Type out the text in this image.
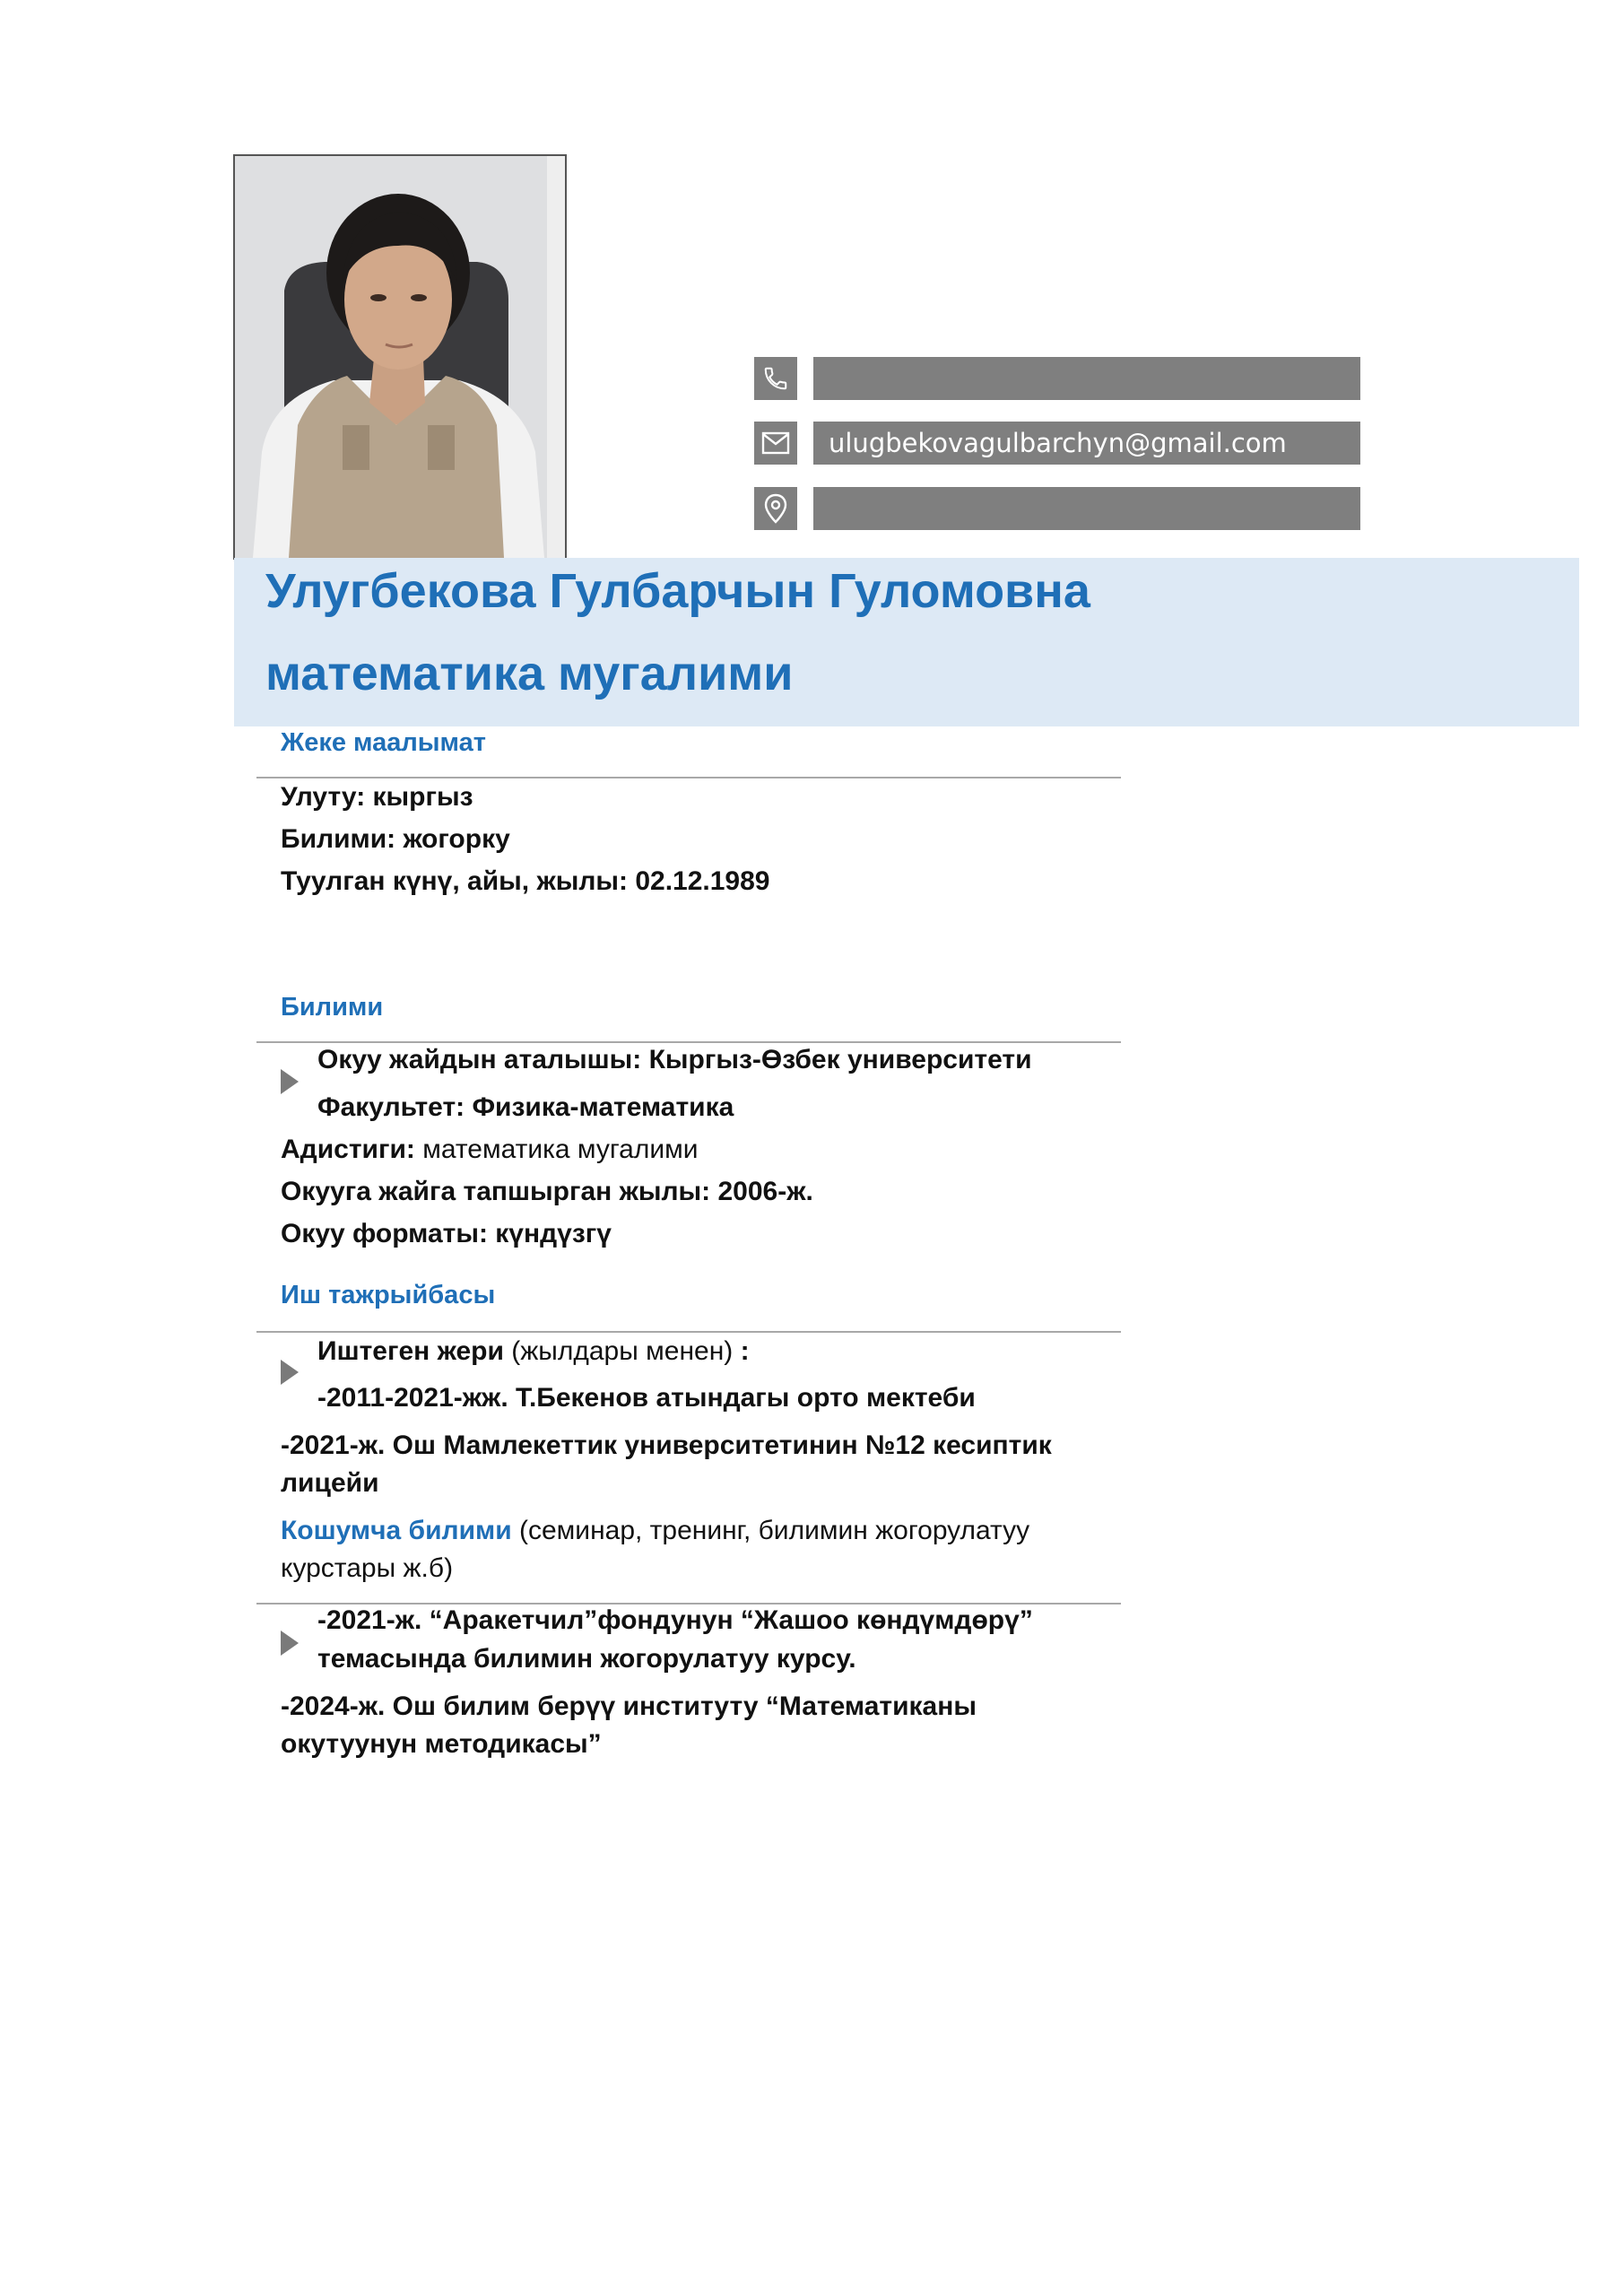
ulugbekovagulbarchyn@gmail.com
Улугбекова Гулбарчын Гуломовна
математика мугалими
Жеке маалымат
Улуту: кыргыз
Билими: жогорку
Туулган күнү, айы, жылы: 02.12.1989
Билими
Окуу жайдын аталышы: Кыргыз-Өзбек университети
Факультет: Физика-математика
Адистиги: математика мугалими
Окууга жайга тапшырган жылы: 2006-ж.
Окуу форматы: күндүзгү
Иш тажрыйбасы
Иштеген жери (жылдары менен) :
-2011-2021-жж. Т.Бекенов атындагы орто мектеби
-2021-ж. Ош Мамлекеттик университетинин №12 кесиптик
лицейи
Кошумча билими (семинар, тренинг, билимин жогорулатуу
курстары ж.б)
-2021-ж. “Аракетчил”фондунун “Жашоо көндүмдөрү”
темасында билимин жогорулатуу курсу.
-2024-ж. Ош билим берүү институту “Математиканы
окутуунун методикасы”
